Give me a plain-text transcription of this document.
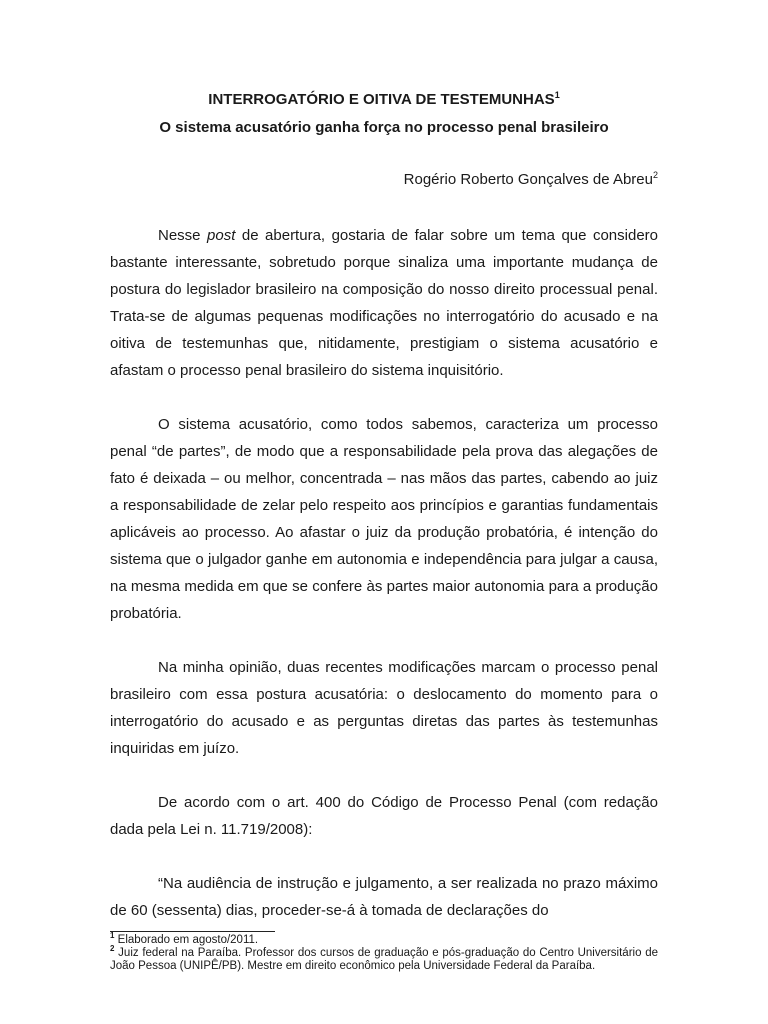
INTERROGATÓRIO E OITIVA DE TESTEMUNHAS$^1$
O sistema acusatório ganha força no processo penal brasileiro
Rogério Roberto Gonçalves de Abreu$^2$

Nesse post de abertura, gostaria de falar sobre um tema que considero bastante interessante, sobretudo porque sinaliza uma importante mudança de postura do legislador brasileiro na composição do nosso direito processual penal. Trata-se de algumas pequenas modificações no interrogatório do acusado e na oitiva de testemunhas que, nitidamente, prestigiam o sistema acusatório e afastam o processo penal brasileiro do sistema inquisitório.

O sistema acusatório, como todos sabemos, caracteriza um processo penal “de partes”, de modo que a responsabilidade pela prova das alegações de fato é deixada – ou melhor, concentrada – nas mãos das partes, cabendo ao juiz a responsabilidade de zelar pelo respeito aos princípios e garantias fundamentais aplicáveis ao processo. Ao afastar o juiz da produção probatória, é intenção do sistema que o julgador ganhe em autonomia e independência para julgar a causa, na mesma medida em que se confere às partes maior autonomia para a produção probatória.

Na minha opinião, duas recentes modificações marcam o processo penal brasileiro com essa postura acusatória: o deslocamento do momento para o interrogatório do acusado e as perguntas diretas das partes às testemunhas inquiridas em juízo.

De acordo com o art. 400 do Código de Processo Penal (com redação dada pela Lei n. 11.719/2008):

“Na audiência de instrução e julgamento, a ser realizada no prazo máximo de 60 (sessenta) dias, proceder-se-á à tomada de declarações do

$^1$ Elaborado em agosto/2011.

$^2$ Juiz federal na Paraíba. Professor dos cursos de graduação e pós-graduação do Centro Universitário de João Pessoa (UNIPÊ/PB). Mestre em direito econômico pela Universidade Federal da Paraíba.
